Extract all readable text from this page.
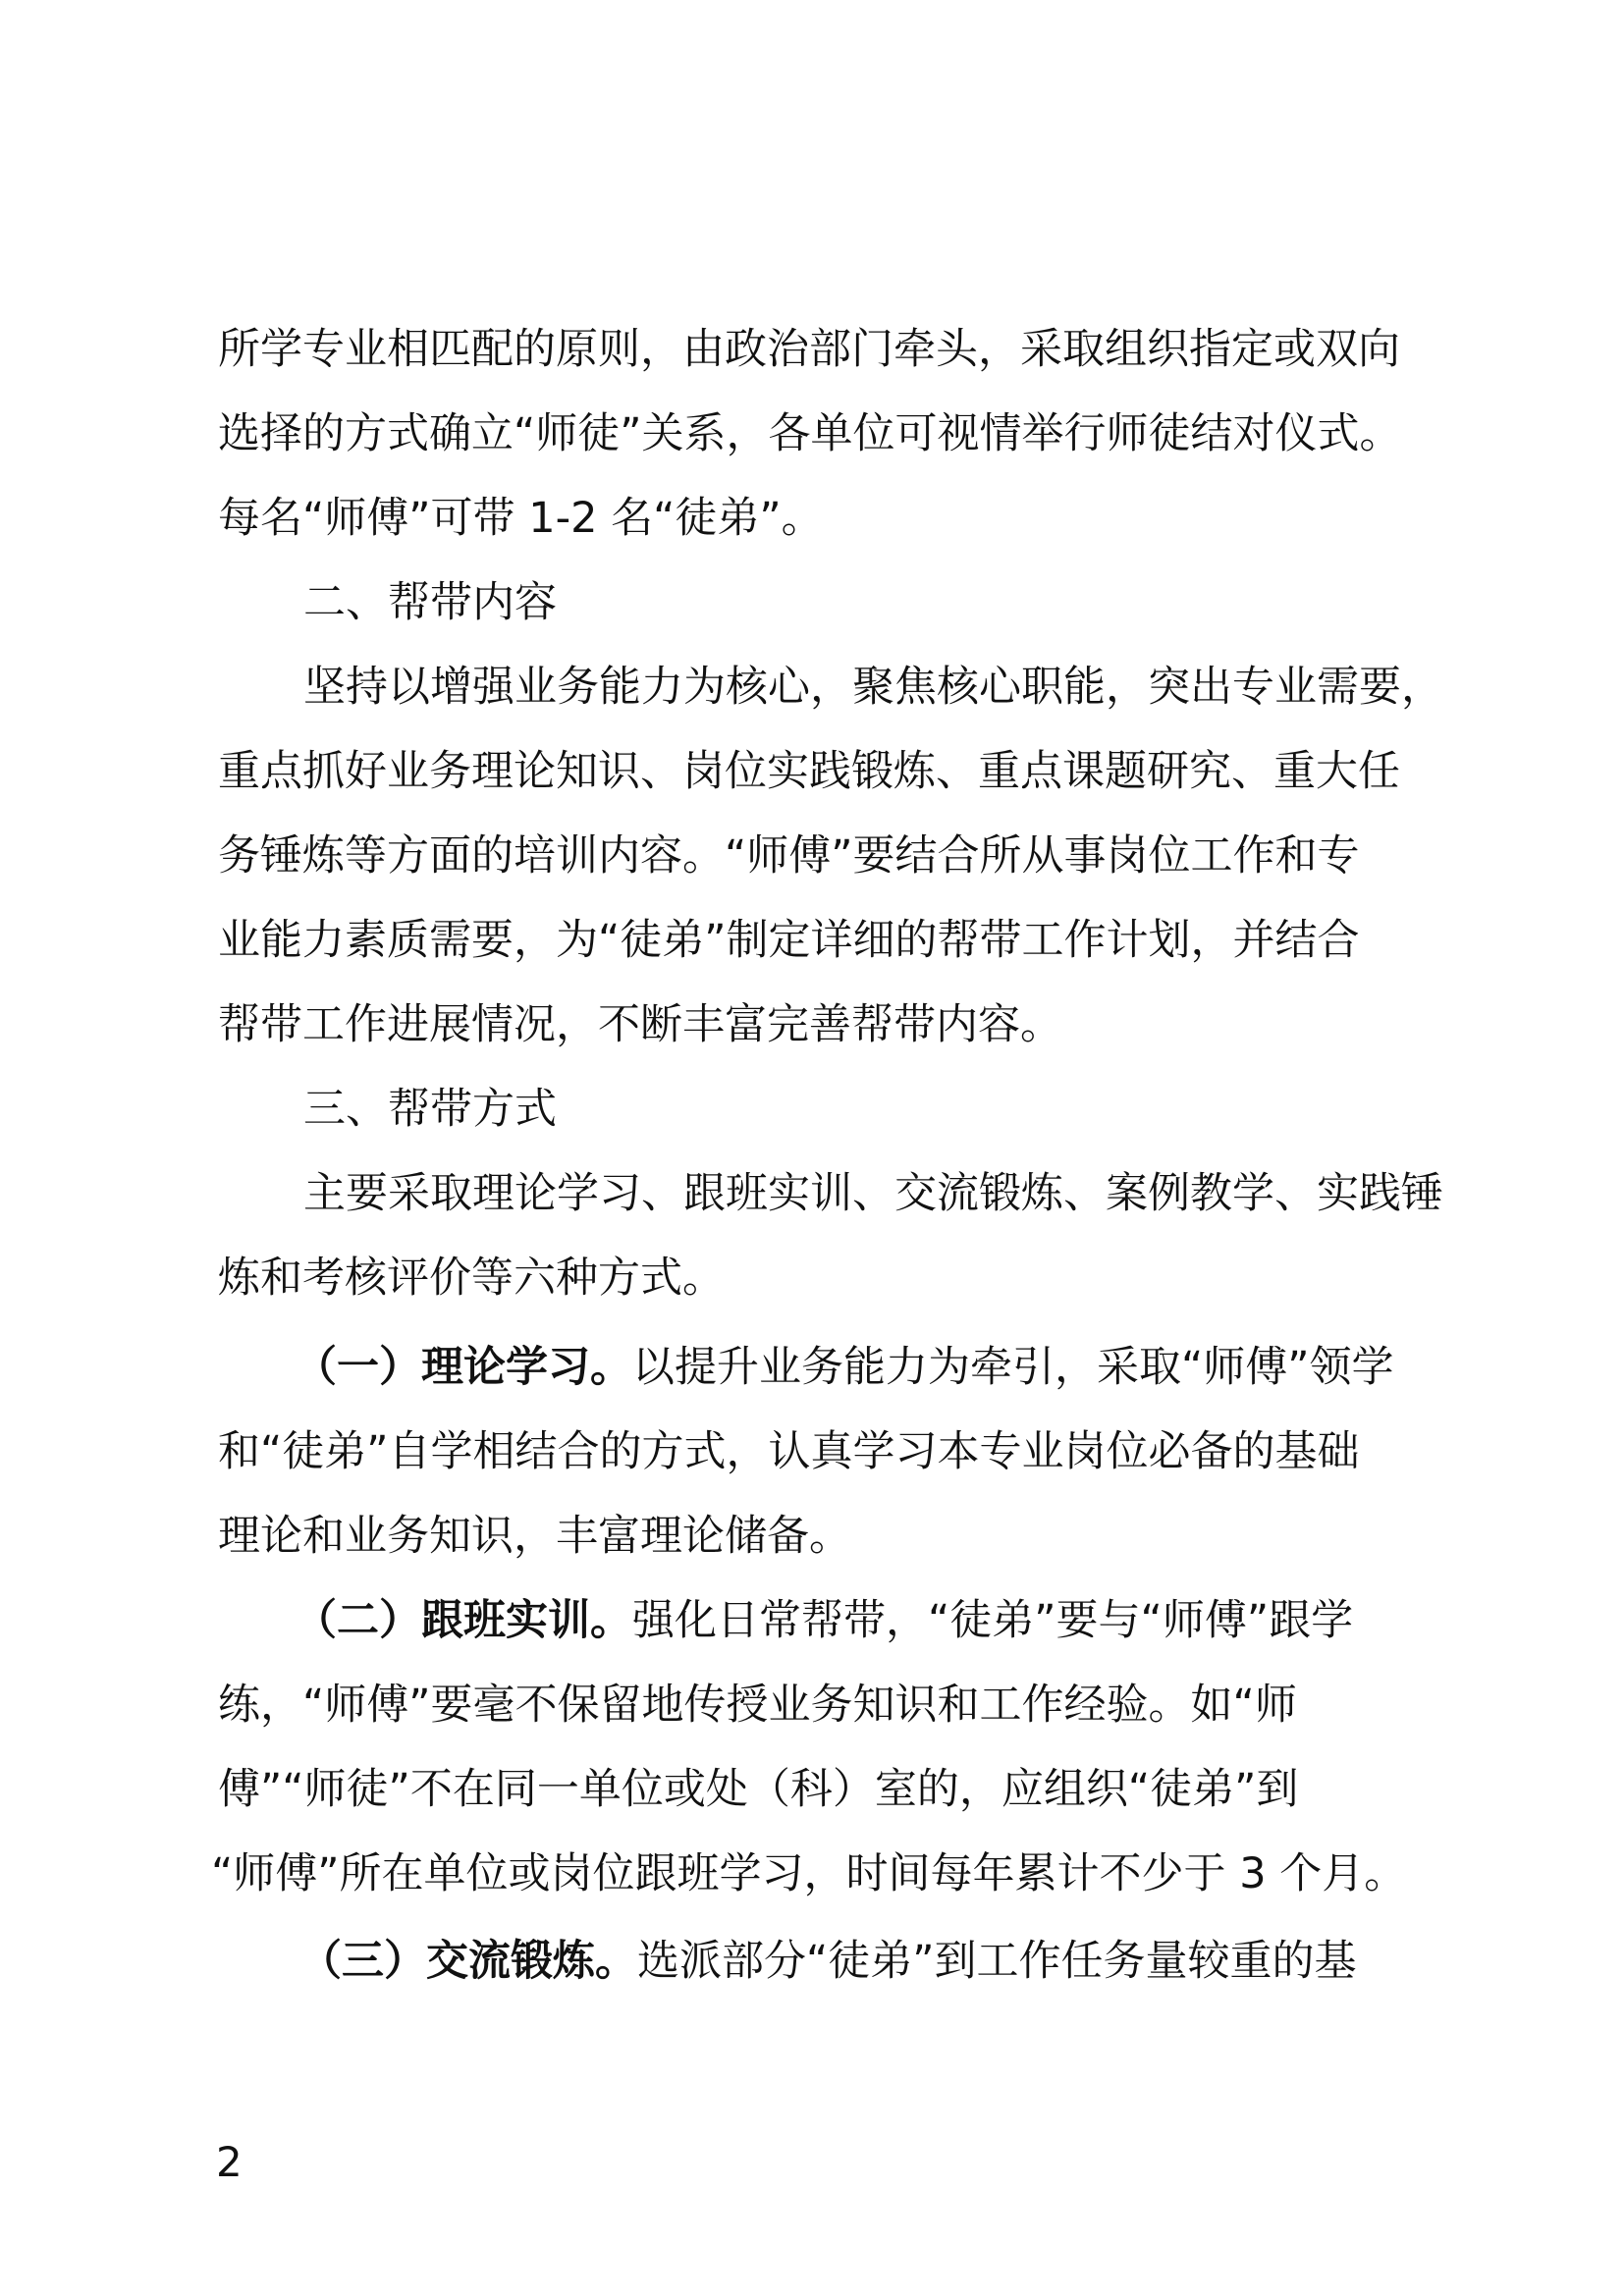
所学专业相匹配的原则，由政治部门牵头，采取组织指定或双向
选择的方式确立“师徒”关系，各单位可视情举行师徒结对仪式。
每名“师傅”可带 1-2 名“徒弟”。
二、帮带内容
坚持以增强业务能力为核心，聚焦核心职能，突出专业需要，
重点抓好业务理论知识、岗位实践锻炼、重点课题研究、重大任
务锤炼等方面的培训内容。“师傅”要结合所从事岗位工作和专
业能力素质需要，为“徒弟”制定详细的帮带工作计划，并结合
帮带工作进展情况，不断丰富完善帮带内容。
三、帮带方式
主要采取理论学习、跟班实训、交流锻炼、案例教学、实践锤
炼和考核评价等六种方式。
（一）理论学习。以提升业务能力为牵引，采取“师傅”领学
和“徒弟”自学相结合的方式，认真学习本专业岗位必备的基础
理论和业务知识，丰富理论储备。
（二）跟班实训。强化日常帮带，“徒弟”要与“师傅”跟学
练，“师傅”要毫不保留地传授业务知识和工作经验。如“师
傅”“师徒”不在同一单位或处（科）室的，应组织“徒弟”到
“师傅”所在单位或岗位跟班学习，时间每年累计不少于 3 个月。
（三）交流锻炼。选派部分“徒弟”到工作任务量较重的基
2
